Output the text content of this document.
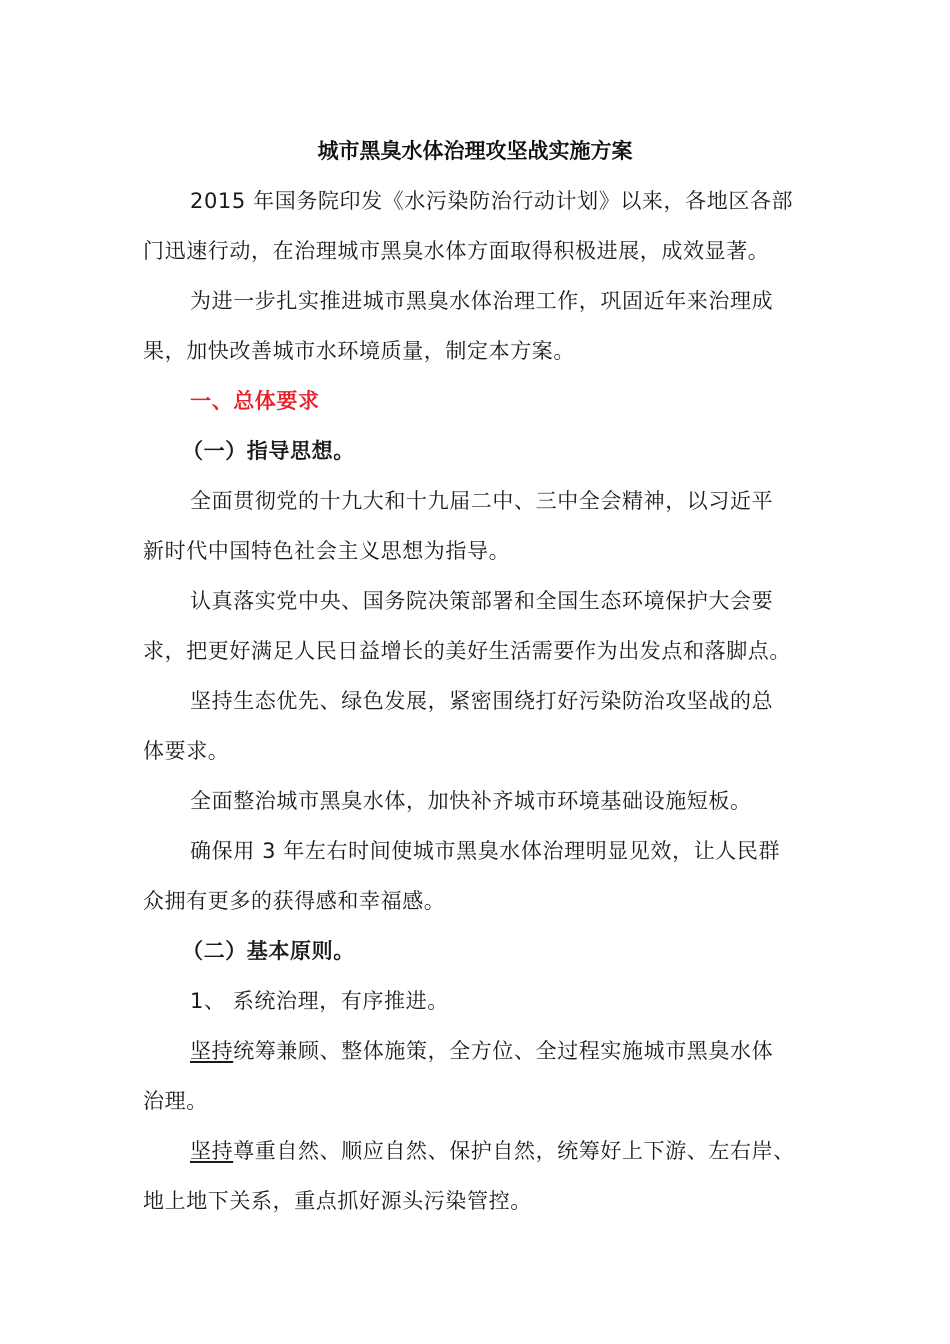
城市黑臭水体治理攻坚战实施方案
2015 年国务院印发《水污染防治行动计划》以来，各地区各部
门迅速行动，在治理城市黑臭水体方面取得积极进展，成效显著。
为进一步扎实推进城市黑臭水体治理工作，巩固近年来治理成
果，加快改善城市水环境质量，制定本方案。
一、总体要求
（一）指导思想。
全面贯彻党的十九大和十九届二中、三中全会精神，以习近平
新时代中国特色社会主义思想为指导。
认真落实党中央、国务院决策部署和全国生态环境保护大会要
求，把更好满足人民日益增长的美好生活需要作为出发点和落脚点。
坚持生态优先、绿色发展，紧密围绕打好污染防治攻坚战的总
体要求。
全面整治城市黑臭水体，加快补齐城市环境基础设施短板。
确保用 3 年左右时间使城市黑臭水体治理明显见效，让人民群
众拥有更多的获得感和幸福感。
（二）基本原则。
1、 系统治理，有序推进。
坚持统筹兼顾、整体施策，全方位、全过程实施城市黑臭水体
治理。
坚持尊重自然、顺应自然、保护自然，统筹好上下游、左右岸、
地上地下关系，重点抓好源头污染管控。
